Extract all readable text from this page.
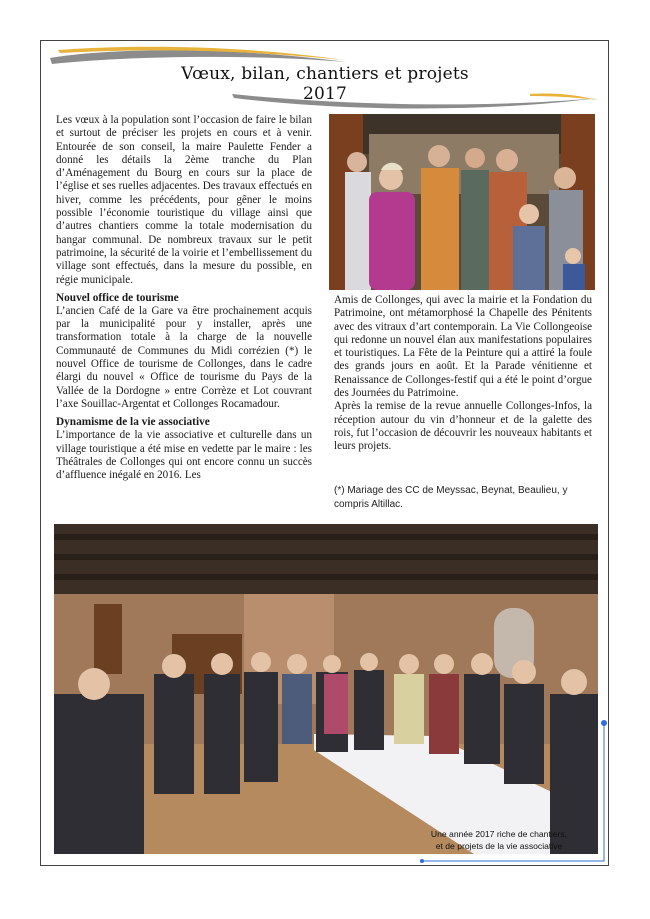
Vœux, bilan, chantiers et projets 2017

Les vœux à la population sont l’occasion de faire le bilan et surtout de préciser les projets en cours et à venir. Entourée de son conseil, la maire Paulette Fender a donné les détails la 2ème tranche du Plan d’Aménagement du Bourg en cours sur la place de l’église et ses ruelles adjacentes. Des travaux effectués en hiver, comme les précédents, pour gêner le moins possible l’économie touristique du village ainsi que d’autres chantiers comme la totale modernisation du hangar communal. De nombreux travaux sur le petit patrimoine, la sécurité de la voirie et l’embellissement du village sont effectués, dans la mesure du possible, en régie municipale.

Nouvel office de tourisme

L’ancien Café de la Gare va être prochainement acquis par la municipalité pour y installer, après une transformation totale à la charge de la nouvelle Communauté de Communes du Midi corrézien (*) le nouvel Office de tourisme de Collonges, dans le cadre élargi du nouvel « Office de tourisme du Pays de la Vallée de la Dordogne » entre Corrèze et Lot couvrant l’axe Souillac-Argentat et Collonges Rocamadour.

Dynamisme de la vie associative

L’importance de la vie associative et culturelle dans un village touristique a été mise en vedette par le maire : les Théâtrales de Collonges qui ont encore connu un succès d’affluence inégalé en 2016. Les

Amis de Collonges, qui avec la mairie et la Fondation du Patrimoine, ont métamorphosé la Chapelle des Pénitents avec des vitraux d’art contemporain. La Vie Collongeoise qui redonne un nouvel élan aux manifestations populaires et touristiques. La Fête de la Peinture qui a attiré la foule des grands jours en août. Et la Parade vénitienne et Renaissance de Collonges-festif qui a été le point d’orgue des Journées du Patrimoine.

Après la remise de la revue annuelle Collonges-Infos, la réception autour du vin d’honneur et de la galette des rois, fut l’occasion de découvrir les nouveaux habitants et leurs projets.

(*) Mariage des CC de Meyssac, Beynat, Beaulieu, y compris Altillac.
Une année 2017 riche de chantiers,
et de projets de la vie associative
